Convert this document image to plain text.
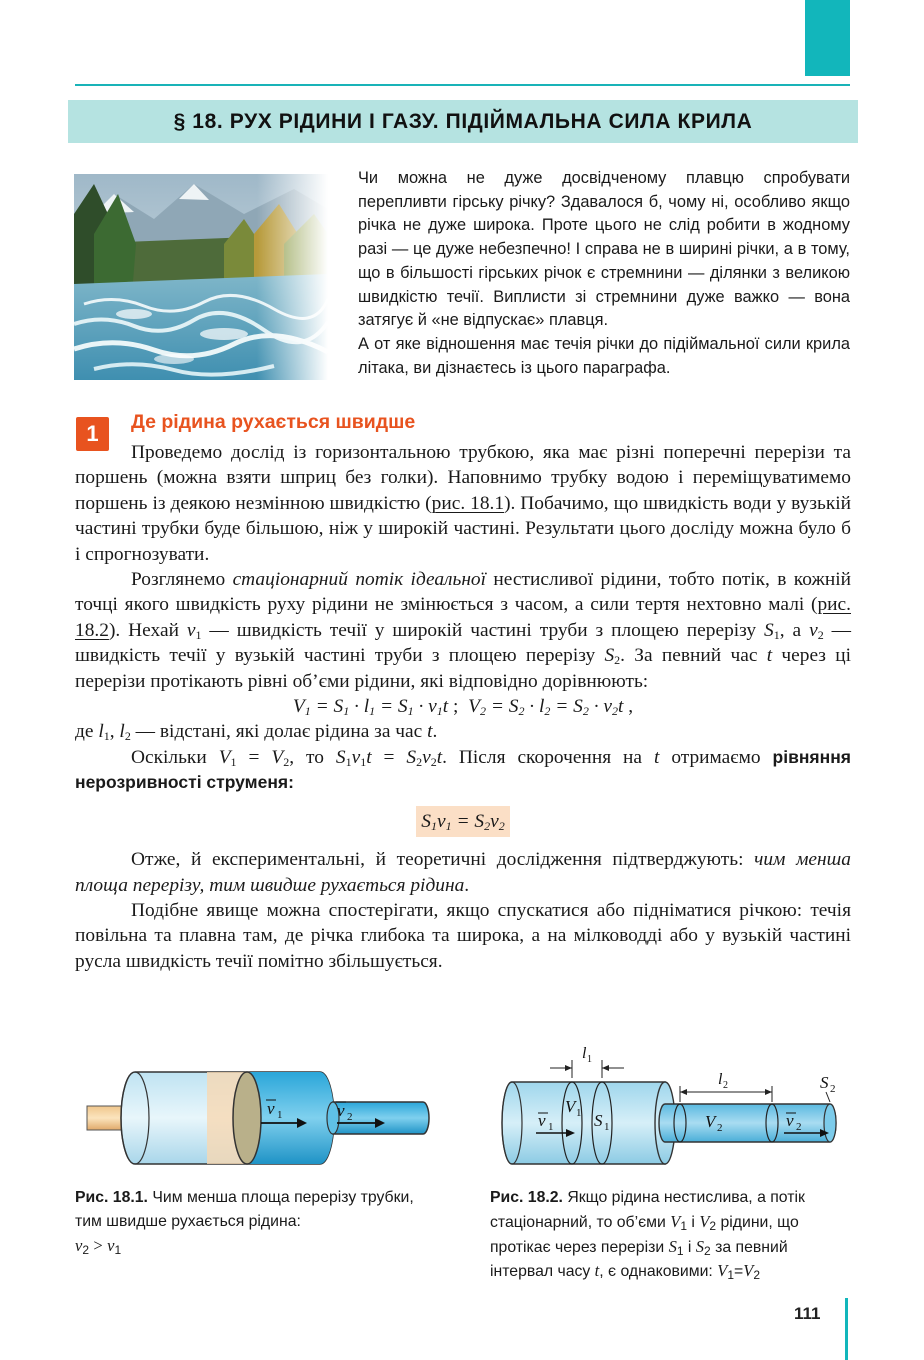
§ 18. РУХ РІДИНИ І ГАЗУ. ПІДІЙМАЛЬНА СИЛА КРИЛА

Чи можна не дуже досвідченому плавцю спробувати перепливти гірську річку? Здавалося б, чому ні, особливо якщо річка не дуже широка. Проте цього не слід робити в жодному разі — це дуже небезпечно! І справа не в ширині річки, а в тому, що в більшості гірських річок є стремнини — ділянки з великою швидкістю течії. Виплисти зі стремнини дуже важко — вона затягує й «не відпускає» плавця.

А от яке відношення має течія річки до підіймальної сили крила літака, ви дізнаєтесь із цього параграфа.

1	Де рідина рухається швидше

Проведемо дослід із горизонтальною трубкою, яка має різні поперечні перерізи та поршень (можна взяти шприц без голки). Наповнимо трубку водою і переміщуватимемо поршень із деякою незмінною швидкістю (рис. 18.1). Побачимо, що швидкість води у вузькій частині трубки буде більшою, ніж у широкій частині. Результати цього досліду можна було б і спрогнозувати.

Розглянемо стаціонарний потік ідеальної нестисливої рідини, тобто потік, в кожній точці якого швидкість руху рідини не змінюється з часом, а сили тертя нехтовно малі (рис. 18.2). Нехай $v_1$ — швидкість течії у широкій частині труби з площею перерізу $S_1$, а $v_2$ — швидкість течії у вузькій частині труби з площею перерізу $S_2$. За певний час t через ці перерізи протікають рівні об’єми рідини, які відповідно дорівнюють:

$V_1 = S_1 \cdot l_1 = S_1 \cdot v_1t$ ;  $V_2 = S_2 \cdot l_2 = S_2 \cdot v_2t$ ,

де $l_1$, $l_2$ — відстані, які долає рідина за час t.

Оскільки $V_1 = V_2$, то $S_1v_1t = S_2v_2t$. Після скорочення на t отримаємо рівняння нерозривності струменя:

$S_1v_1 = S_2v_2$

Отже, й експериментальні, й теоретичні дослідження підтверджують: чим менша площа перерізу, тим швидше рухається рідина.

Подібне явище можна спостерігати, якщо спускатися або підніматися річкою: течія повільна та плавна там, де річка глибока та широка, а на мілководді або у вузькій частині русла швидкість течії помітно збільшується.

v 1	v 2
l 1
l 2
V 1 S 1	V 2
S 2
v 1	v 2
Рис. 18.1. Чим менша площа перерізу трубки, тим швидше рухається рідина:
$v_2 > v_1$
Рис. 18.2. Якщо рідина нестислива, а потік стаціонарний, то об’єми $V_1$ і $V_2$ рідини, що протікає через перерізи $S_1$ і $S_2$ за певний інтервал часу t, є однаковими: $V_1=V_2$
111
